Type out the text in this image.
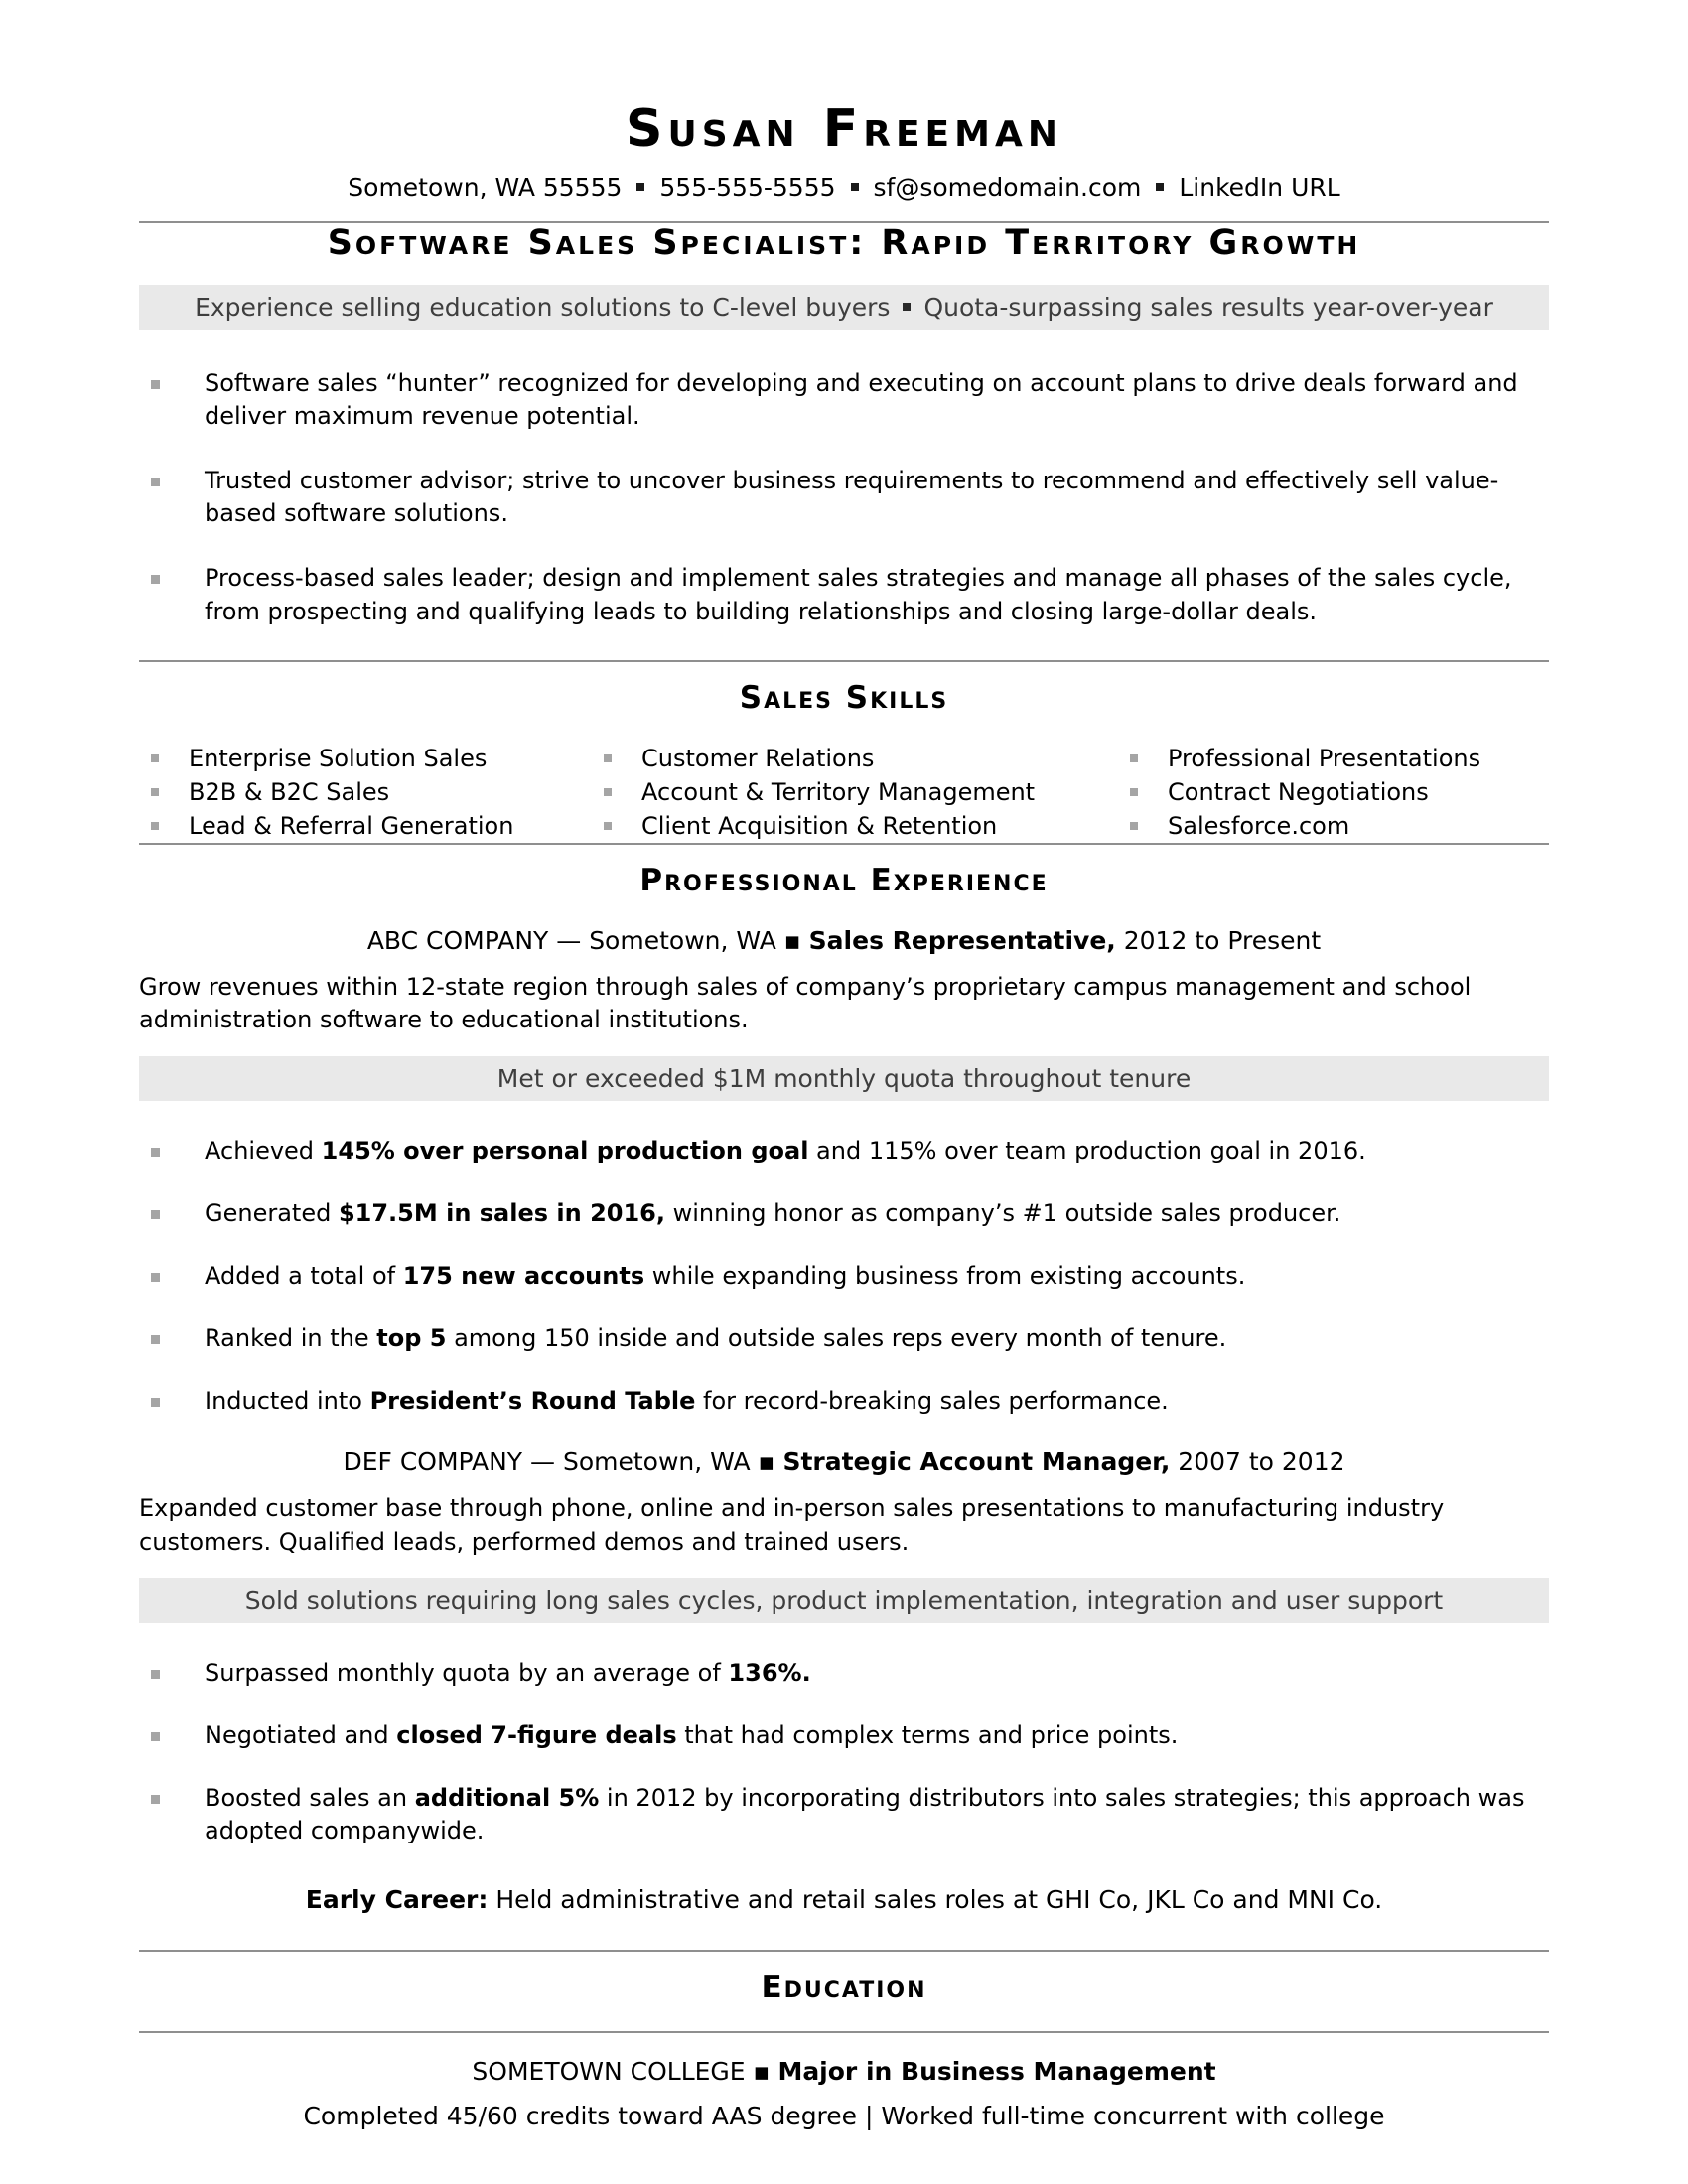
Susan Freeman
Sometown, WA 55555 555-555-5555 sf@somedomain.com LinkedIn URL
Software Sales Specialist: Rapid Territory Growth
Experience selling education solutions to C-level buyers Quota-surpassing sales results year-over-year
Software sales “hunter” recognized for developing and executing on account plans to drive deals forward and deliver maximum revenue potential.
Trusted customer advisor; strive to uncover business requirements to recommend and effectively sell value-based software solutions.
Process-based sales leader; design and implement sales strategies and manage all phases of the sales cycle, from prospecting and qualifying leads to building relationships and closing large-dollar deals.
Sales Skills
Enterprise Solution Sales
B2B & B2C Sales
Lead & Referral Generation
Customer Relations
Account & Territory Management
Client Acquisition & Retention
Professional Presentations
Contract Negotiations
Salesforce.com
Professional Experience
ABC COMPANY — Sometown, WA ▪ Sales Representative, 2012 to Present

Grow revenues within 12-state region through sales of company’s proprietary campus management and school administration software to educational institutions.

Met or exceeded $1M monthly quota throughout tenure
Achieved 145% over personal production goal and 115% over team production goal in 2016.
Generated $17.5M in sales in 2016, winning honor as company’s #1 outside sales producer.
Added a total of 175 new accounts while expanding business from existing accounts.
Ranked in the top 5 among 150 inside and outside sales reps every month of tenure.
Inducted into President’s Round Table for record-breaking sales performance.
DEF COMPANY — Sometown, WA ▪ Strategic Account Manager, 2007 to 2012

Expanded customer base through phone, online and in-person sales presentations to manufacturing industry customers. Qualified leads, performed demos and trained users.

Sold solutions requiring long sales cycles, product implementation, integration and user support
Surpassed monthly quota by an average of 136%.
Negotiated and closed 7-figure deals that had complex terms and price points.
Boosted sales an additional 5% in 2012 by incorporating distributors into sales strategies; this approach was adopted companywide.
Early Career: Held administrative and retail sales roles at GHI Co, JKL Co and MNI Co.
Education
SOMETOWN COLLEGE ▪ Major in Business Management
Completed 45/60 credits toward AAS degree | Worked full-time concurrent with college
